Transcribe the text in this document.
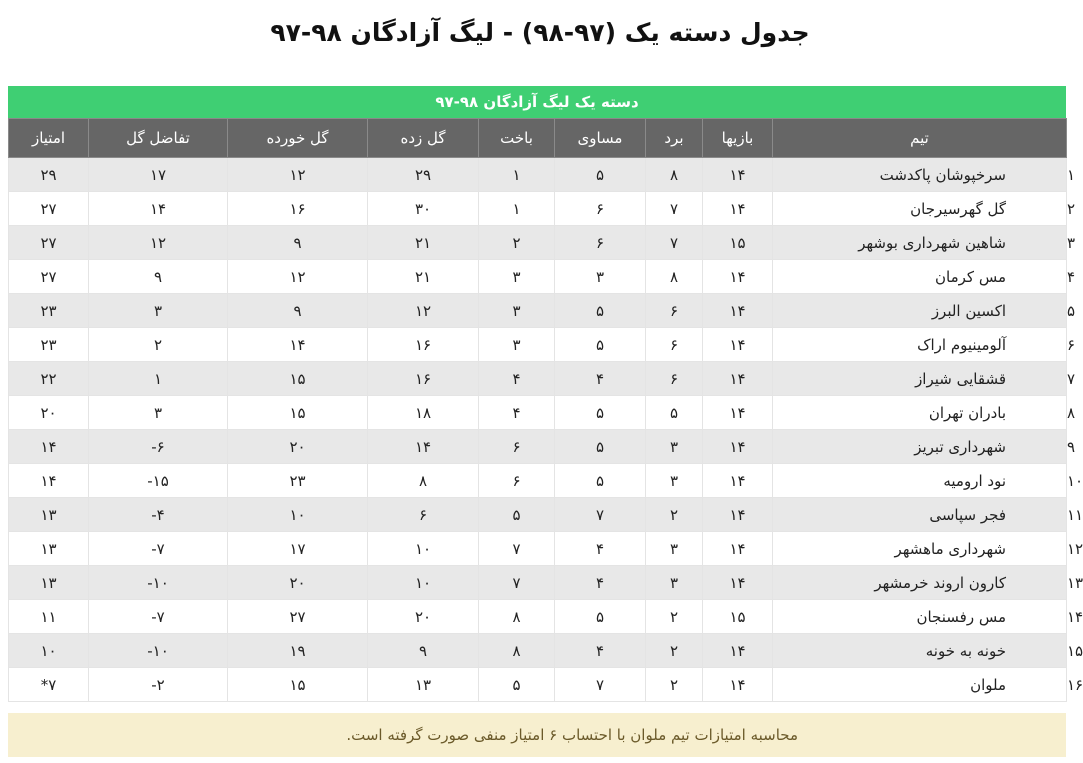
جدول دسته یک (۹۷-۹۸) - لیگ آزادگان ۹۸-۹۷
دسته یک لیگ آزادگان ۹۸-۹۷
امتیاز	تفاضل گل	گل خورده	گل زده	باخت	مساوی	برد	بازیها	تیم	
۲۹	۱۷	۱۲	۲۹	۱	۵	۸	۱۴	سرخپوشان پاکدشت	۱
۲۷	۱۴	۱۶	۳۰	۱	۶	۷	۱۴	گل گهرسیرجان	۲
۲۷	۱۲	۹	۲۱	۲	۶	۷	۱۵	شاهین شهرداری بوشهر	۳
۲۷	۹	۱۲	۲۱	۳	۳	۸	۱۴	مس کرمان	۴
۲۳	۳	۹	۱۲	۳	۵	۶	۱۴	اکسین البرز	۵
۲۳	۲	۱۴	۱۶	۳	۵	۶	۱۴	آلومینیوم اراک	۶
۲۲	۱	۱۵	۱۶	۴	۴	۶	۱۴	قشقایی شیراز	۷
۲۰	۳	۱۵	۱۸	۴	۵	۵	۱۴	بادران تهران	۸
۱۴	-۶	۲۰	۱۴	۶	۵	۳	۱۴	شهرداری تبریز	۹
۱۴	-۱۵	۲۳	۸	۶	۵	۳	۱۴	نود ارومیه	۱۰
۱۳	-۴	۱۰	۶	۵	۷	۲	۱۴	فجر سپاسی	۱۱
۱۳	-۷	۱۷	۱۰	۷	۴	۳	۱۴	شهرداری ماهشهر	۱۲
۱۳	-۱۰	۲۰	۱۰	۷	۴	۳	۱۴	کارون اروند خرمشهر	۱۳
۱۱	-۷	۲۷	۲۰	۸	۵	۲	۱۵	مس رفسنجان	۱۴
۱۰	-۱۰	۱۹	۹	۸	۴	۲	۱۴	خونه به خونه	۱۵
*۷	-۲	۱۵	۱۳	۵	۷	۲	۱۴	ملوان	۱۶
محاسبه امتیازات تیم ملوان با احتساب ۶ امتیاز منفی صورت گرفته است.
